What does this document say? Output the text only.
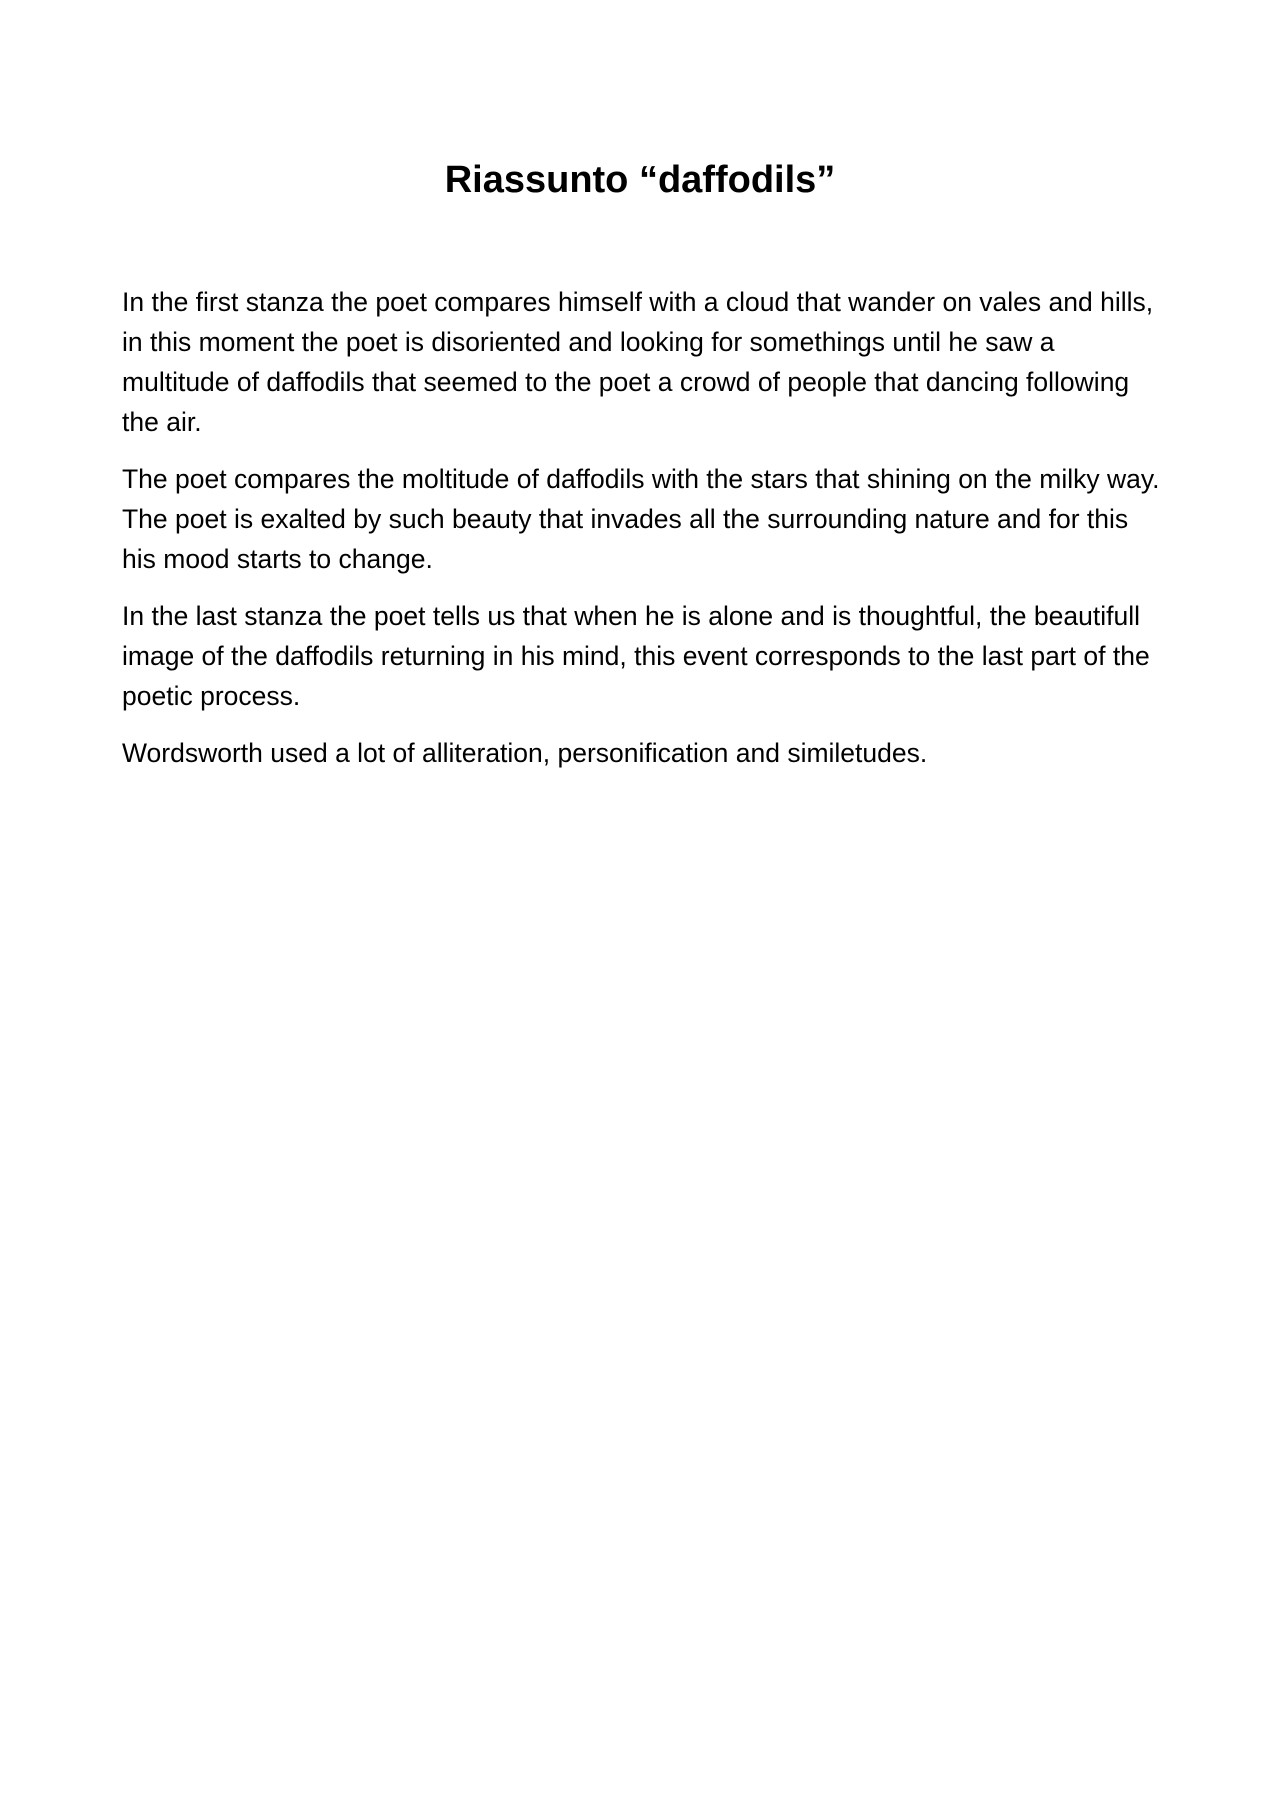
Riassunto “daffodils”

In the first stanza the poet compares himself with a cloud that wander on vales and hills, in this moment the poet is disoriented and looking for somethings until he saw a multitude of daffodils that seemed to the poet a crowd of people that dancing following the air.

The poet compares the moltitude of daffodils with the stars that shining on the milky way. The poet is exalted by such beauty that invades all the surrounding nature and for this his mood starts to change.

In the last stanza the poet tells us that when he is alone and is thoughtful, the beautifull image of the daffodils returning in his mind, this event corresponds to the last part of the poetic process.

Wordsworth used a lot of alliteration, personification and similetudes.
